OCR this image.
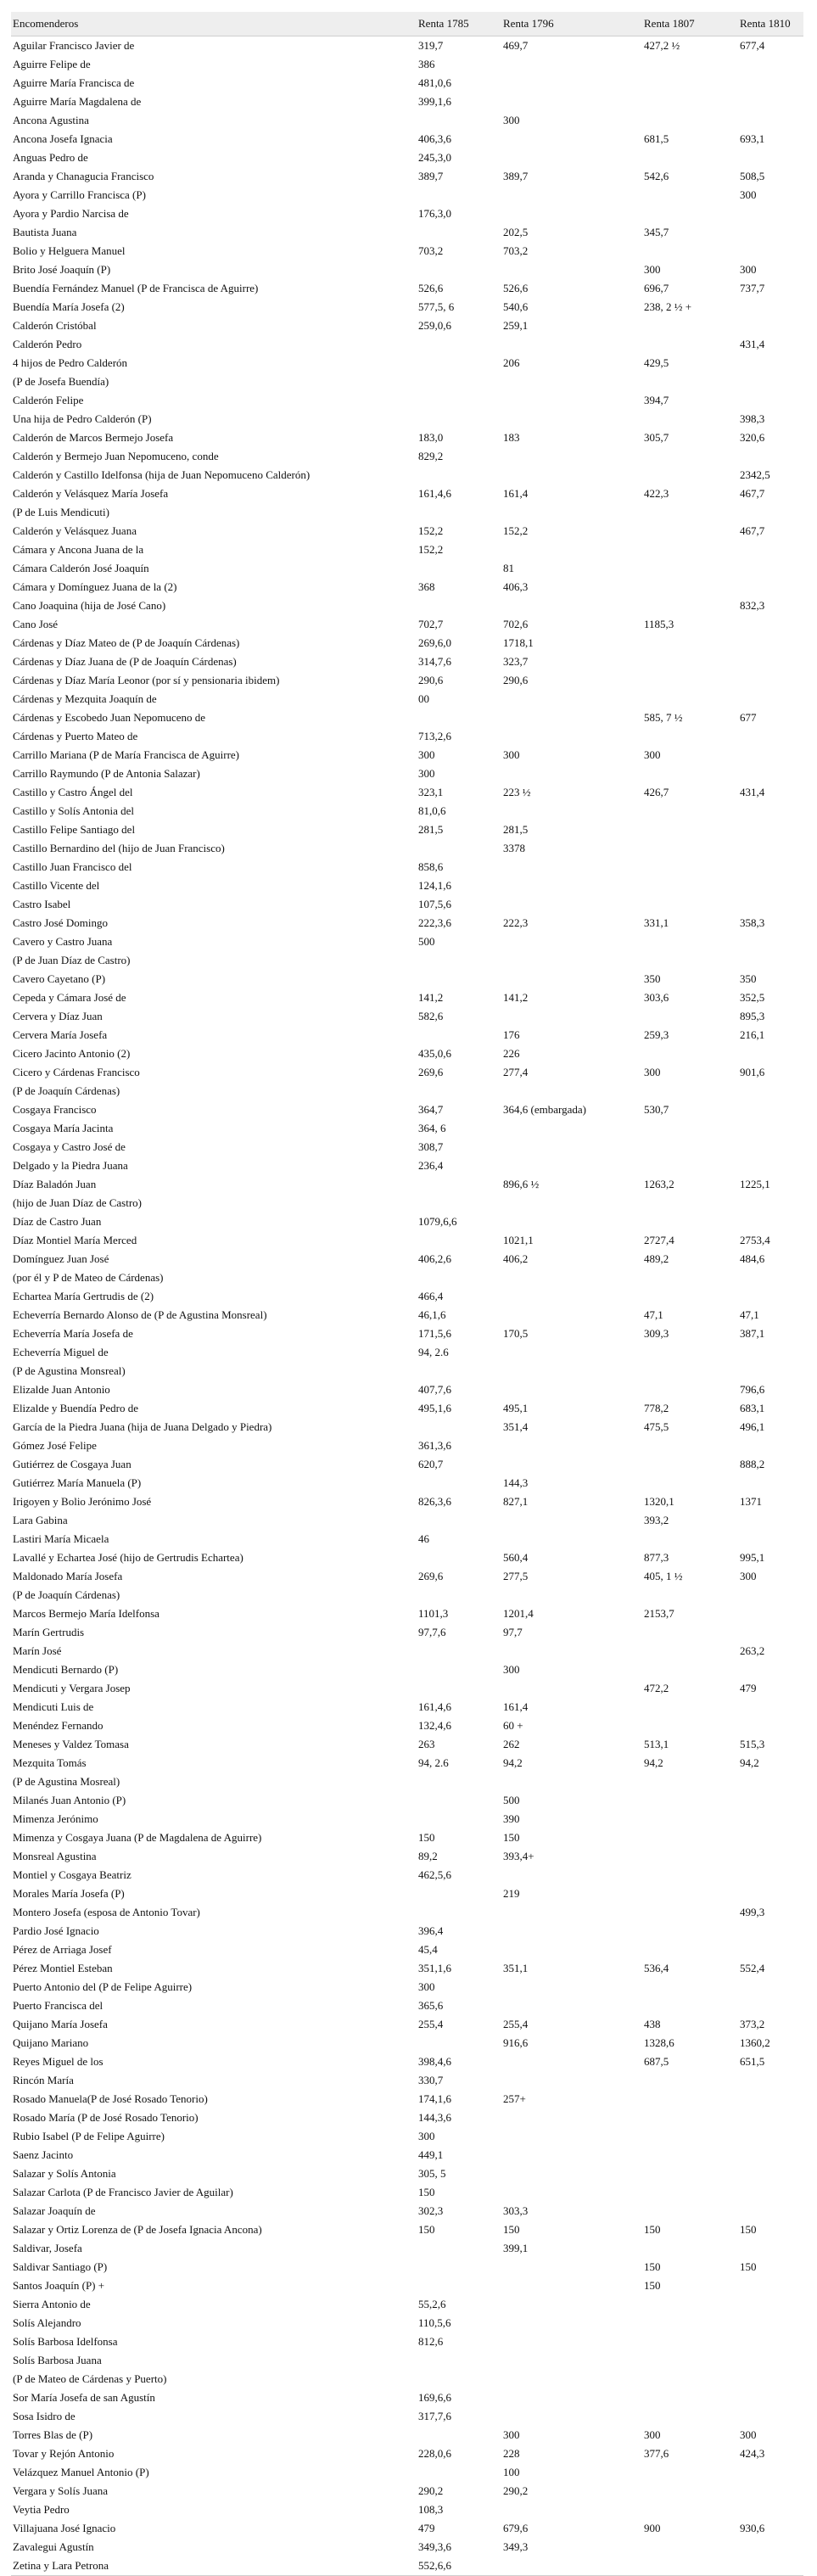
Encomenderos	Renta 1785	Renta 1796	Renta 1807	Renta 1810
Aguilar Francisco Javier de	319,7	469,7	427,2 ½	677,4
Aguirre Felipe de	386			
Aguirre María Francisca de	481,0,6			
Aguirre María Magdalena de	399,1,6			
Ancona Agustina		300		
Ancona Josefa Ignacia	406,3,6		681,5	693,1
Anguas Pedro de	245,3,0			
Aranda y Chanagucia Francisco	389,7	389,7	542,6	508,5
Ayora y Carrillo Francisca (P)				300
Ayora y Pardio Narcisa de	176,3,0			
Bautista Juana		202,5	345,7	
Bolio y Helguera Manuel	703,2	703,2		
Brito José Joaquín (P)			300	300
Buendía Fernández Manuel (P de Francisca de Aguirre)	526,6	526,6	696,7	737,7
Buendía María Josefa (2)	577,5, 6	540,6	238, 2 ½ +	
Calderón Cristóbal	259,0,6	259,1		
Calderón Pedro				431,4
4 hijos de Pedro Calderón
(P de Josefa Buendía)		206	429,5	
Calderón Felipe			394,7	
Una hija de Pedro Calderón (P)				398,3
Calderón de Marcos Bermejo Josefa	183,0	183	305,7	320,6
Calderón y Bermejo Juan Nepomuceno, conde	829,2			
Calderón y Castillo Idelfonsa (hija de Juan Nepomuceno Calderón)				2342,5
Calderón y Velásquez María Josefa
(P de Luis Mendicuti)	161,4,6	161,4	422,3	467,7
Calderón y Velásquez Juana	152,2	152,2		467,7
Cámara y Ancona Juana de la	152,2			
Cámara Calderón José Joaquín		81		
Cámara y Domínguez Juana de la (2)	368	406,3		
Cano Joaquina (hija de José Cano)				832,3
Cano José	702,7	702,6	1185,3	
Cárdenas y Díaz Mateo de (P de Joaquín Cárdenas)	269,6,0	1718,1		
Cárdenas y Díaz Juana de (P de Joaquín Cárdenas)	314,7,6	323,7		
Cárdenas y Díaz María Leonor (por sí y pensionaria ibidem)	290,6	290,6		
Cárdenas y Mezquita Joaquín de	00			
Cárdenas y Escobedo Juan Nepomuceno de			585, 7 ½	677
Cárdenas y Puerto Mateo de	713,2,6			
Carrillo Mariana (P de María Francisca de Aguirre)	300	300	300	
Carrillo Raymundo (P de Antonia Salazar)	300			
Castillo y Castro Ángel del	323,1	223 ½	426,7	431,4
Castillo y Solís Antonia del	81,0,6			
Castillo Felipe Santiago del	281,5	281,5		
Castillo Bernardino del (hijo de Juan Francisco)		3378		
Castillo Juan Francisco del	858,6			
Castillo Vicente del	124,1,6			
Castro Isabel	107,5,6			
Castro José Domingo	222,3,6	222,3	331,1	358,3
Cavero y Castro Juana
(P de Juan Díaz de Castro)	500			
Cavero Cayetano (P)			350	350
Cepeda y Cámara José de	141,2	141,2	303,6	352,5
Cervera y Díaz Juan	582,6			895,3
Cervera María Josefa		176	259,3	216,1
Cicero Jacinto Antonio (2)	435,0,6	226		
Cicero y Cárdenas Francisco
(P de Joaquín Cárdenas)	269,6	277,4	300	901,6
Cosgaya Francisco	364,7	364,6 (embargada)	530,7	
Cosgaya María Jacinta	364, 6			
Cosgaya y Castro José de	308,7			
Delgado y la Piedra Juana	236,4			
Díaz Baladón Juan
(hijo de Juan Díaz de Castro)		896,6 ½	1263,2	1225,1
Díaz de Castro Juan	1079,6,6			
Díaz Montiel María Merced		1021,1	2727,4	2753,4
Domínguez Juan José
(por él y P de Mateo de Cárdenas)	406,2,6	406,2	489,2	484,6
Echartea María Gertrudis de (2)	466,4			
Echeverría Bernardo Alonso de (P de Agustina Monsreal)	46,1,6		47,1	47,1
Echeverría María Josefa de	171,5,6	170,5	309,3	387,1
Echeverría Miguel de
(P de Agustina Monsreal)	94, 2.6			
Elizalde Juan Antonio	407,7,6			796,6
Elizalde y Buendía Pedro de	495,1,6	495,1	778,2	683,1
García de la Piedra Juana (hija de Juana Delgado y Piedra)		351,4	475,5	496,1
Gómez José Felipe	361,3,6			
Gutiérrez de Cosgaya Juan	620,7			888,2
Gutiérrez María Manuela (P)		144,3		
Irigoyen y Bolio Jerónimo José	826,3,6	827,1	1320,1	1371
Lara Gabina			393,2	
Lastiri María Micaela	46			
Lavallé y Echartea José (hijo de Gertrudis Echartea)		560,4	877,3	995,1
Maldonado María Josefa
(P de Joaquín Cárdenas)	269,6	277,5	405, 1 ½	300
Marcos Bermejo María Idelfonsa	1101,3	1201,4	2153,7	
Marín Gertrudis	97,7,6	97,7		
Marín José				263,2
Mendicuti Bernardo (P)		300		
Mendicuti y Vergara Josep			472,2	479
Mendicuti Luis de	161,4,6	161,4		
Menéndez Fernando	132,4,6	60 +		
Meneses y Valdez Tomasa	263	262	513,1	515,3
Mezquita Tomás
(P de Agustina Mosreal)	94, 2.6	94,2	94,2	94,2
Milanés Juan Antonio (P)		500		
Mimenza Jerónimo		390		
Mimenza y Cosgaya Juana (P de Magdalena de Aguirre)	150	150		
Monsreal Agustina	89,2	393,4+		
Montiel y Cosgaya Beatriz	462,5,6			
Morales María Josefa (P)		219		
Montero Josefa (esposa de Antonio Tovar)				499,3
Pardio José Ignacio	396,4			
Pérez de Arriaga Josef	45,4			
Pérez Montiel Esteban	351,1,6	351,1	536,4	552,4
Puerto Antonio del (P de Felipe Aguirre)	300			
Puerto Francisca del	365,6			
Quijano María Josefa	255,4	255,4	438	373,2
Quijano Mariano		916,6	1328,6	1360,2
Reyes Miguel de los	398,4,6		687,5	651,5
Rincón María	330,7			
Rosado Manuela(P de José Rosado Tenorio)	174,1,6	257+		
Rosado María (P de José Rosado Tenorio)	144,3,6			
Rubio Isabel (P de Felipe Aguirre)	300			
Saenz Jacinto	449,1			
Salazar y Solís Antonia	305, 5			
Salazar Carlota (P de Francisco Javier de Aguilar)	150			
Salazar Joaquín de	302,3	303,3		
Salazar y Ortiz Lorenza de (P de Josefa Ignacia Ancona)	150	150	150	150
Saldivar, Josefa		399,1		
Saldivar Santiago (P)			150	150
Santos Joaquín (P) +			150	
Sierra Antonio de	55,2,6			
Solís Alejandro	110,5,6			
Solís Barbosa Idelfonsa	812,6			
Solís Barbosa Juana
(P de Mateo de Cárdenas y Puerto)				
Sor María Josefa de san Agustín	169,6,6			
Sosa Isidro de	317,7,6			
Torres Blas de (P)		300	300	300
Tovar y Rejón Antonio	228,0,6	228	377,6	424,3
Velázquez Manuel Antonio (P)		100		
Vergara y Solís Juana	290,2	290,2		
Veytia Pedro	108,3			
Villajuana José Ignacio	479	679,6	900	930,6
Zavalegui Agustín	349,3,6	349,3		
Zetina y Lara Petrona	552,6,6			
